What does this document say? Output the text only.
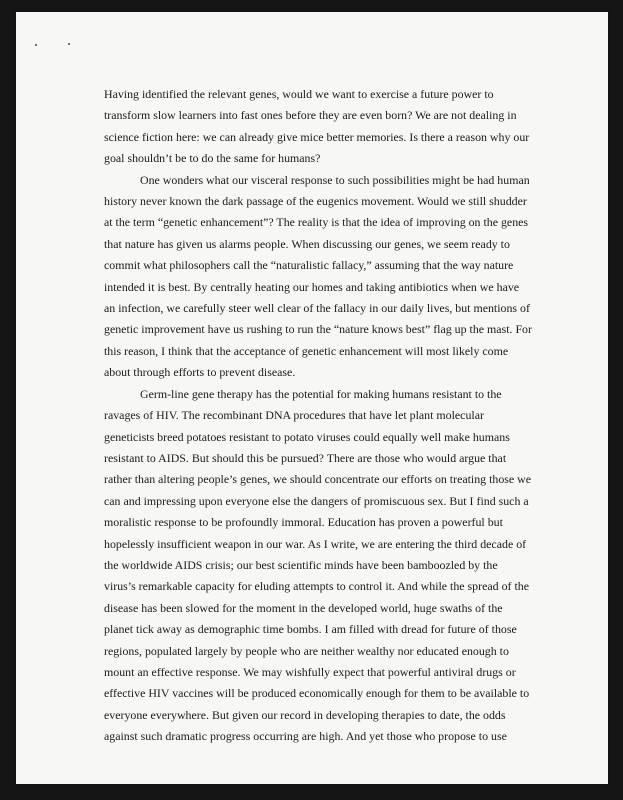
Having identified the relevant genes, would we want to exercise a future power to
transform slow learners into fast ones before they are even born? We are not dealing in
science fiction here: we can already give mice better memories. Is there a reason why our
goal shouldn’t be to do the same for humans?
One wonders what our visceral response to such possibilities might be had human
history never known the dark passage of the eugenics movement. Would we still shudder
at the term “genetic enhancement”? The reality is that the idea of improving on the genes
that nature has given us alarms people. When discussing our genes, we seem ready to
commit what philosophers call the “naturalistic fallacy,” assuming that the way nature
intended it is best. By centrally heating our homes and taking antibiotics when we have
an infection, we carefully steer well clear of the fallacy in our daily lives, but mentions of
genetic improvement have us rushing to run the “nature knows best” flag up the mast. For
this reason, I think that the acceptance of genetic enhancement will most likely come
about through efforts to prevent disease.
Germ-line gene therapy has the potential for making humans resistant to the
ravages of HIV. The recombinant DNA procedures that have let plant molecular
geneticists breed potatoes resistant to potato viruses could equally well make humans
resistant to AIDS. But should this be pursued? There are those who would argue that
rather than altering people’s genes, we should concentrate our efforts on treating those we
can and impressing upon everyone else the dangers of promiscuous sex. But I find such a
moralistic response to be profoundly immoral. Education has proven a powerful but
hopelessly insufficient weapon in our war. As I write, we are entering the third decade of
the worldwide AIDS crisis; our best scientific minds have been bamboozled by the
virus’s remarkable capacity for eluding attempts to control it. And while the spread of the
disease has been slowed for the moment in the developed world, huge swaths of the
planet tick away as demographic time bombs. I am filled with dread for future of those
regions, populated largely by people who are neither wealthy nor educated enough to
mount an effective response. We may wishfully expect that powerful antiviral drugs or
effective HIV vaccines will be produced economically enough for them to be available to
everyone everywhere. But given our record in developing therapies to date, the odds
against such dramatic progress occurring are high. And yet those who propose to use
